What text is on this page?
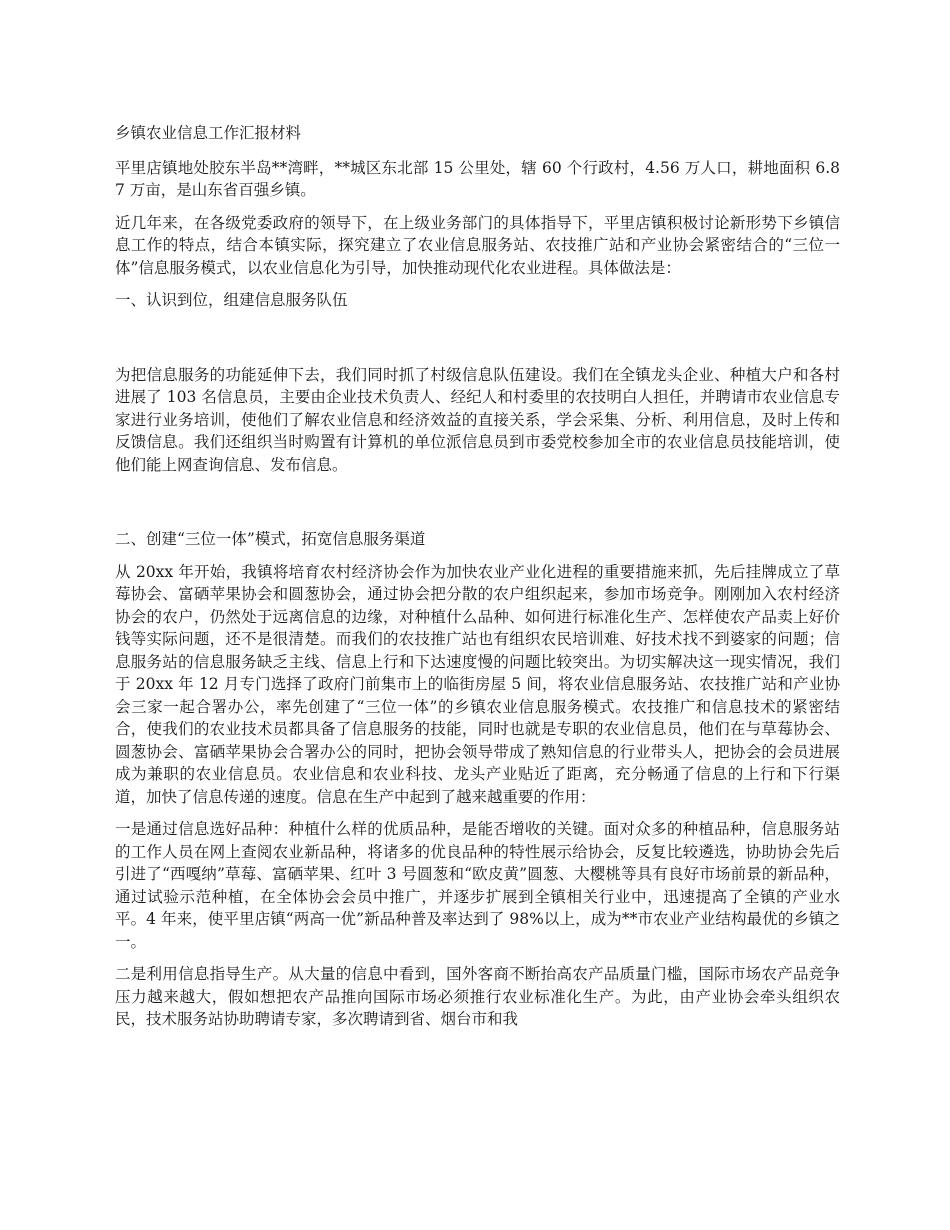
乡镇农业信息工作汇报材料

平里店镇地处胶东半岛**湾畔，**城区东北部 15 公里处，辖 60 个行政村，4.56 万人口，耕地面积 6.87 万亩，是山东省百强乡镇。

近几年来，在各级党委政府的领导下，在上级业务部门的具体指导下，平里店镇积极讨论新形势下乡镇信息工作的特点，结合本镇实际，探究建立了农业信息服务站、农技推广站和产业协会紧密结合的“三位一体”信息服务模式，以农业信息化为引导，加快推动现代化农业进程。具体做法是：

一、认识到位，组建信息服务队伍

为把信息服务的功能延伸下去，我们同时抓了村级信息队伍建设。我们在全镇龙头企业、种植大户和各村进展了 103 名信息员，主要由企业技术负责人、经纪人和村委里的农技明白人担任，并聘请市农业信息专家进行业务培训，使他们了解农业信息和经济效益的直接关系，学会采集、分析、利用信息，及时上传和反馈信息。我们还组织当时购置有计算机的单位派信息员到市委党校参加全市的农业信息员技能培训，使他们能上网查询信息、发布信息。

二、创建“三位一体”模式，拓宽信息服务渠道

从 20xx 年开始，我镇将培育农村经济协会作为加快农业产业化进程的重要措施来抓，先后挂牌成立了草莓协会、富硒苹果协会和圆葱协会，通过协会把分散的农户组织起来，参加市场竞争。刚刚加入农村经济协会的农户，仍然处于远离信息的边缘，对种植什么品种、如何进行标准化生产、怎样使农产品卖上好价钱等实际问题，还不是很清楚。而我们的农技推广站也有组织农民培训难、好技术找不到婆家的问题；信息服务站的信息服务缺乏主线、信息上行和下达速度慢的问题比较突出。为切实解决这一现实情况，我们于 20xx 年 12 月专门选择了政府门前集市上的临街房屋 5 间，将农业信息服务站、农技推广站和产业协会三家一起合署办公，率先创建了“三位一体”的乡镇农业信息服务模式。农技推广和信息技术的紧密结合，使我们的农业技术员都具备了信息服务的技能，同时也就是专职的农业信息员，他们在与草莓协会、圆葱协会、富硒苹果协会合署办公的同时，把协会领导带成了熟知信息的行业带头人，把协会的会员进展成为兼职的农业信息员。农业信息和农业科技、龙头产业贴近了距离，充分畅通了信息的上行和下行渠道，加快了信息传递的速度。信息在生产中起到了越来越重要的作用：

一是通过信息选好品种：种植什么样的优质品种，是能否增收的关键。面对众多的种植品种，信息服务站的工作人员在网上查阅农业新品种，将诸多的优良品种的特性展示给协会，反复比较遴选，协助协会先后引进了“西嘎纳”草莓、富硒苹果、红叶 3 号圆葱和“欧皮黄”圆葱、大樱桃等具有良好市场前景的新品种，通过试验示范种植，在全体协会会员中推广，并逐步扩展到全镇相关行业中，迅速提高了全镇的产业水平。4 年来，使平里店镇“两高一优”新品种普及率达到了 98%以上，成为**市农业产业结构最优的乡镇之一。

二是利用信息指导生产。从大量的信息中看到，国外客商不断抬高农产品质量门槛，国际市场农产品竞争压力越来越大，假如想把农产品推向国际市场必须推行农业标准化生产。为此，由产业协会牵头组织农民，技术服务站协助聘请专家，多次聘请到省、烟台市和我
